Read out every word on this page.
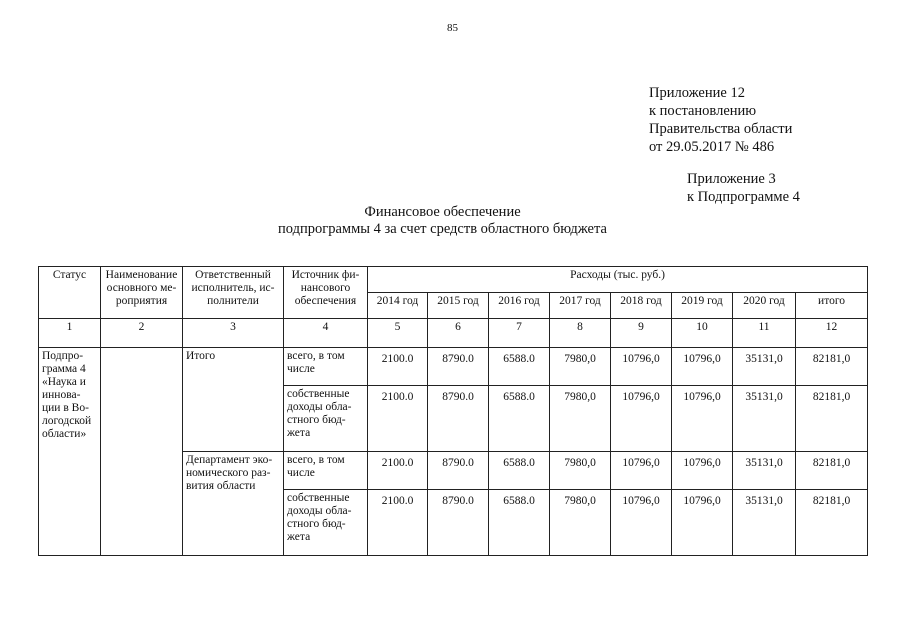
85
Приложение 12
к постановлению
Правительства области
от 29.05.2017 № 486
Приложение 3
к Подпрограмме 4
Финансовое обеспечение
подпрограммы 4 за счет средств областного бюджета
Статус	Наименование основного ме- роприятия	Ответственный исполнитель, ис- полнители	Источник фи- нансового обеспечения	Расходы (тыс. руб.)							
				2014 год	2015 год	2016 год	2017 год	2018 год	2019 год	2020 год	итого
1	2	3	4	5	6	7	8	9	10	11	12
Подпро- грамма 4 «Наука и иннова- ции в Во- логодской области»		Итого	всего, в том числе	2100.0	8790.0	6588.0	7980,0	10796,0	10796,0	35131,0	82181,0
			собственные доходы обла- стного бюд- жета	2100.0	8790.0	6588.0	7980,0	10796,0	10796,0	35131,0	82181,0
		Департамент эко- номического раз- вития области	всего, в том числе	2100.0	8790.0	6588.0	7980,0	10796,0	10796,0	35131,0	82181,0
			собственные доходы обла- стного бюд- жета	2100.0	8790.0	6588.0	7980,0	10796,0	10796,0	35131,0	82181,0
